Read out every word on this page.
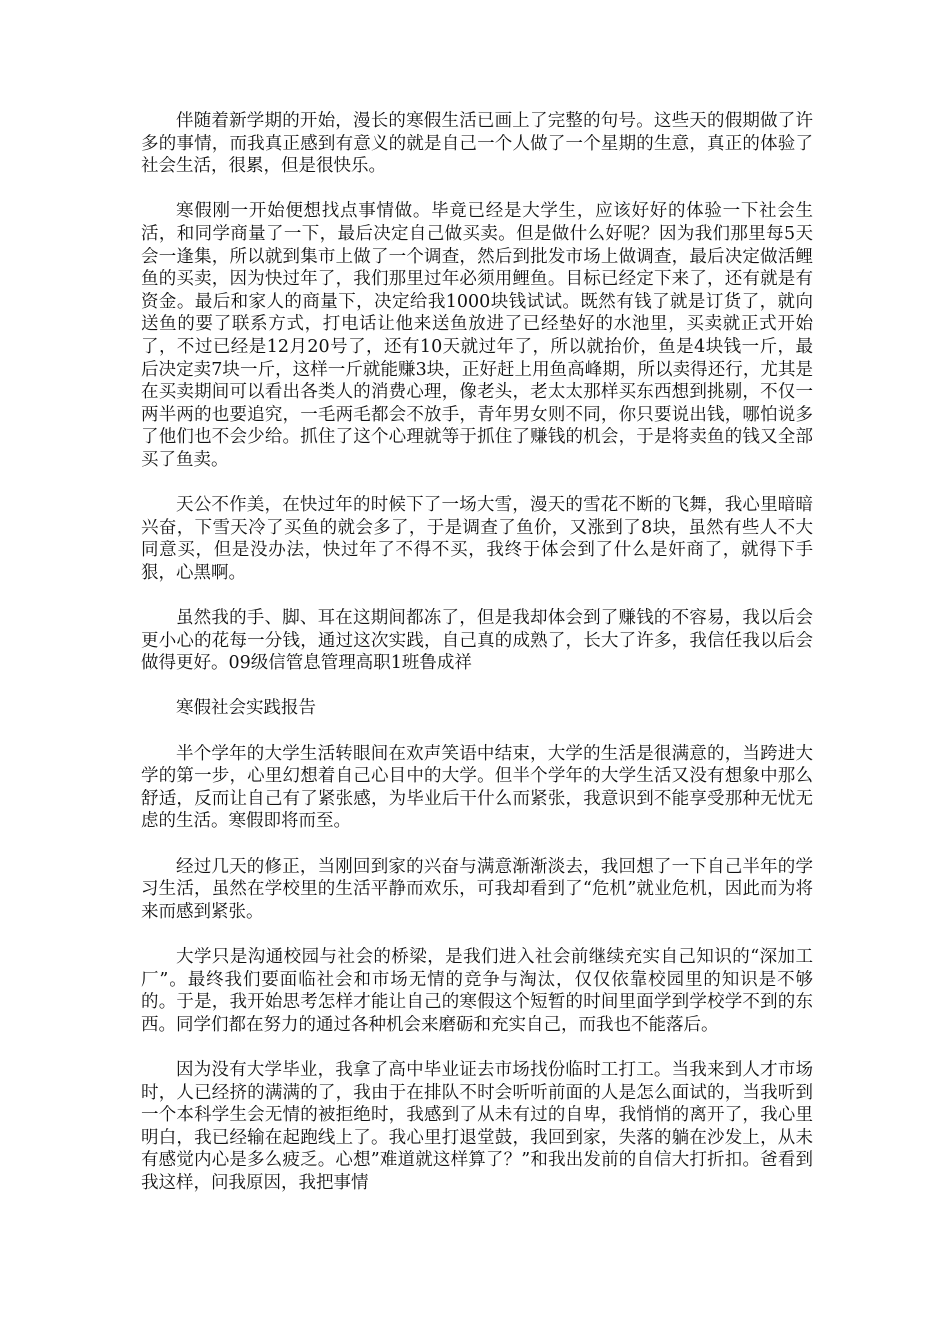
伴随着新学期的开始，漫长的寒假生活已画上了完整的句号。这些天的假期做了许多的事情，而我真正感到有意义的就是自己一个人做了一个星期的生意，真正的体验了社会生活，很累，但是很快乐。

寒假刚一开始便想找点事情做。毕竟已经是大学生，应该好好的体验一下社会生活，和同学商量了一下，最后决定自己做买卖。但是做什么好呢？因为我们那里每5天会一逢集，所以就到集市上做了一个调查，然后到批发市场上做调查，最后决定做活鲤鱼的买卖，因为快过年了，我们那里过年必须用鲤鱼。目标已经定下来了，还有就是有资金。最后和家人的商量下，决定给我1000块钱试试。既然有钱了就是订货了，就向送鱼的要了联系方式，打电话让他来送鱼放进了已经垫好的水池里，买卖就正式开始了，不过已经是12月20号了，还有10天就过年了，所以就抬价，鱼是4块钱一斤，最后决定卖7块一斤，这样一斤就能赚3块，正好赶上用鱼高峰期，所以卖得还行，尤其是在买卖期间可以看出各类人的消费心理，像老头，老太太那样买东西想到挑剔，不仅一两半两的也要追究，一毛两毛都会不放手，青年男女则不同，你只要说出钱，哪怕说多了他们也不会少给。抓住了这个心理就等于抓住了赚钱的机会，于是将卖鱼的钱又全部买了鱼卖。

天公不作美，在快过年的时候下了一场大雪，漫天的雪花不断的飞舞，我心里暗暗兴奋，下雪天冷了买鱼的就会多了，于是调查了鱼价，又涨到了8块，虽然有些人不大同意买，但是没办法，快过年了不得不买，我终于体会到了什么是奸商了，就得下手狠，心黑啊。

虽然我的手、脚、耳在这期间都冻了，但是我却体会到了赚钱的不容易，我以后会更小心的花每一分钱，通过这次实践，自己真的成熟了，长大了许多，我信任我以后会做得更好。09级信管息管理高职1班鲁成祥

寒假社会实践报告

半个学年的大学生活转眼间在欢声笑语中结束，大学的生活是很满意的，当跨进大学的第一步，心里幻想着自己心目中的大学。但半个学年的大学生活又没有想象中那么舒适，反而让自己有了紧张感，为毕业后干什么而紧张，我意识到不能享受那种无忧无虑的生活。寒假即将而至。

经过几天的修正，当刚回到家的兴奋与满意渐渐淡去，我回想了一下自己半年的学习生活，虽然在学校里的生活平静而欢乐，可我却看到了“危机”就业危机，因此而为将来而感到紧张。

大学只是沟通校园与社会的桥梁，是我们进入社会前继续充实自己知识的“深加工厂”。最终我们要面临社会和市场无情的竞争与淘汰，仅仅依靠校园里的知识是不够的。于是，我开始思考怎样才能让自己的寒假这个短暂的时间里面学到学校学不到的东西。同学们都在努力的通过各种机会来磨砺和充实自己，而我也不能落后。

因为没有大学毕业，我拿了高中毕业证去市场找份临时工打工。当我来到人才市场时，人已经挤的满满的了，我由于在排队不时会听听前面的人是怎么面试的，当我听到一个本科学生会无情的被拒绝时，我感到了从未有过的自卑，我悄悄的离开了，我心里明白，我已经输在起跑线上了。我心里打退堂鼓，我回到家，失落的躺在沙发上，从未有感觉内心是多么疲乏。心想”难道就这样算了？”和我出发前的自信大打折扣。爸看到我这样，问我原因，我把事情
